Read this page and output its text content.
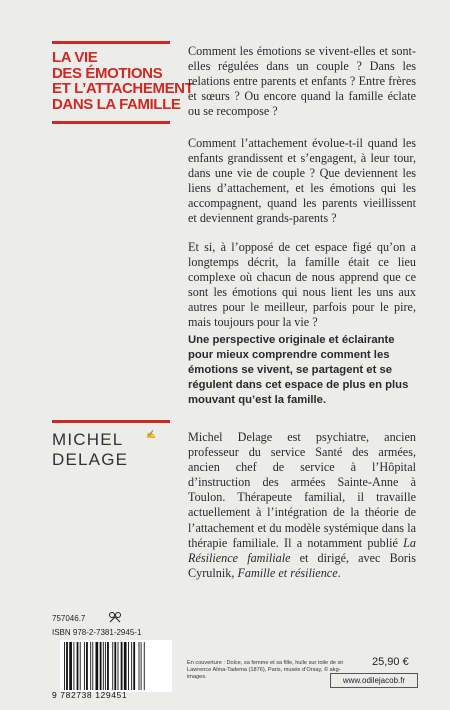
LA VIE
DES ÉMOTIONS
ET L’ATTACHEMENT
DANS LA FAMILLE

Comment les émotions se vivent-elles et sont-elles régulées dans un couple ? Dans les relations entre parents et enfants ? Entre frères et sœurs ? Ou encore quand la famille éclate ou se recompose ?

Comment l’attachement évolue-t-il quand les enfants grandissent et s’engagent, à leur tour, dans une vie de couple ? Que deviennent les liens d’attachement, et les émotions qui les accompagnent, quand les parents vieillissent et deviennent grands-parents ?

Et si, à l’opposé de cet espace figé qu’on a longtemps décrit, la famille était ce lieu complexe où chacun de nous apprend que ce sont les émotions qui nous lient les uns aux autres pour le meilleur, parfois pour le pire, mais toujours pour la vie ?

Une perspective originale et éclairante pour mieux comprendre comment les émotions se vivent, se partagent et se régulent dans cet espace de plus en plus mouvant qu’est la famille.

MICHEL
DELAGE
✍	Michel Delage est psychiatre, ancien professeur du service Santé des armées, ancien chef de service à l’Hôpital d’instruction des armées Sainte-Anne à Toulon. Thérapeute familial, il travaille actuellement à l’intégration de la théorie de l’attachement et du modèle systémique dans la thérapie familiale. Il a notamment publié La Résilience familiale et dirigé, avec Boris Cyrulnik, Famille et résilience.

757046.7
ISBN 978-2-7381-2945-1
9 782738 129451
En couverture : Dolce, sa femme et sa fille, huile sur toile de sir Lawrence Alma-Tadema (1876), Paris, musée d’Orsay, © akg-images.
25,90 €
www.odilejacob.fr
